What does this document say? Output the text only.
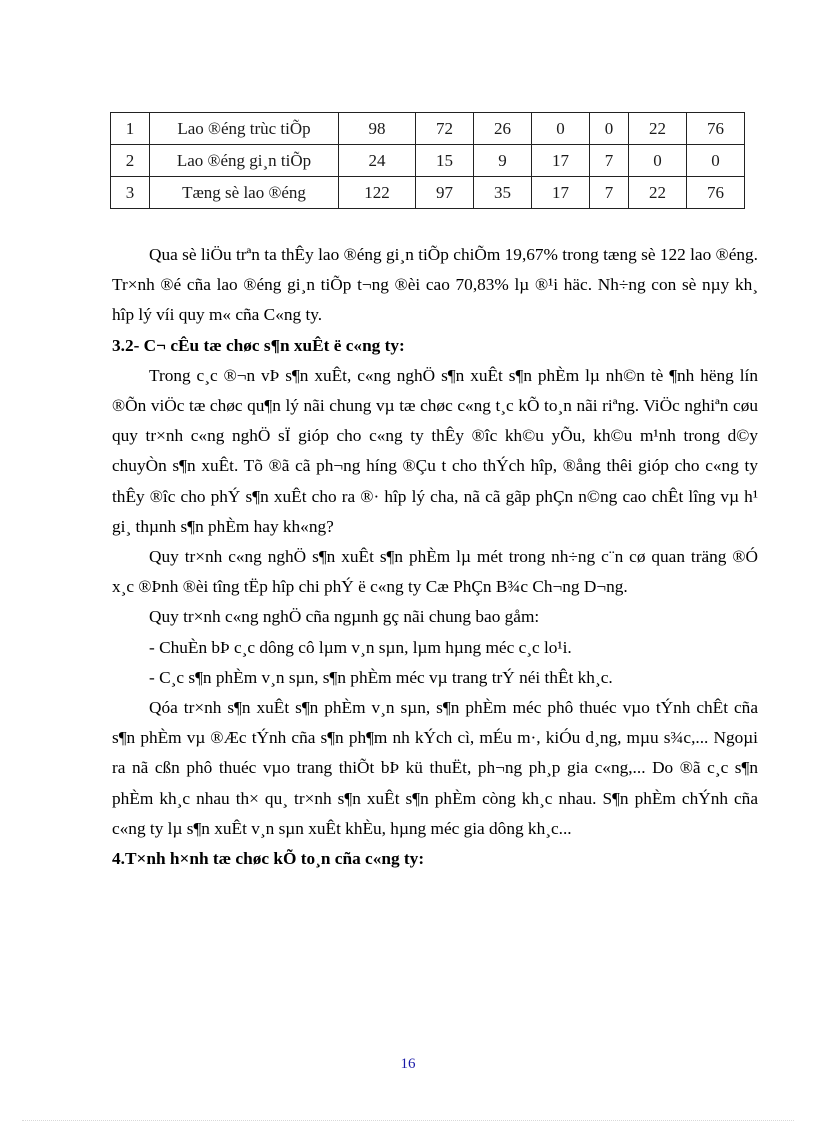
1	Lao ®éng trùc tiÕp	98	72	26	0	0	22	76
2	Lao ®éng gi¸n tiÕp	24	15	9	17	7	0	0
3	Tæng sè lao ®éng	122	97	35	17	7	22	76

Qua sè liÖu trªn ta thÊy lao ®éng gi¸n tiÕp chiÕm 19,67% trong tæng sè 122 lao ®éng. Tr×nh ®é cña lao ®éng gi¸n tiÕp t¬ng ®èi cao 70,83% lµ ®¹i häc. Nh÷ng con sè nµy kh¸ hîp lý víi quy m« cña C«ng ty.

3.2- C¬ cÊu tæ chøc s¶n xuÊt ë c«ng ty:

Trong c¸c ®¬n vÞ s¶n xuÊt, c«ng nghÖ s¶n xuÊt s¶n phÈm lµ nh©n tè ¶nh hëng lín ®Õn viÖc tæ chøc qu¶n lý nãi chung vµ tæ chøc c«ng t¸c kÕ to¸n nãi riªng. ViÖc nghiªn cøu quy tr×nh c«ng nghÖ sÏ gióp cho c«ng ty thÊy ®îc kh©u yÕu, kh©u m¹nh trong d©y chuyÒn s¶n xuÊt. Tõ ®ã cã ph¬ng híng ®Çu t cho thÝch hîp, ®ång thêi gióp cho c«ng ty thÊy ®îc cho phÝ s¶n xuÊt cho ra ®· hîp lý cha, nã cã gãp phÇn n©ng cao chÊt lîng vµ h¹ gi¸ thµnh s¶n phÈm hay kh«ng?

Quy tr×nh c«ng nghÖ s¶n xuÊt s¶n phÈm lµ mét trong nh÷ng c¨n cø quan träng ®Ó x¸c ®Þnh ®èi tîng tËp hîp chi phÝ ë c«ng ty Cæ PhÇn B¾c Ch¬ng D¬ng.

Quy tr×nh c«ng nghÖ cña ngµnh gç nãi chung bao gåm:

- ChuÈn bÞ c¸c dông cô lµm v¸n sµn, lµm hµng méc c¸c lo¹i.

- C¸c s¶n phÈm v¸n sµn, s¶n phÈm méc vµ trang trÝ néi thÊt kh¸c.

Qóa tr×nh s¶n xuÊt s¶n phÈm v¸n sµn, s¶n phÈm méc phô thuéc vµo tÝnh chÊt cña s¶n phÈm vµ ®Æc tÝnh cña s¶n ph¶m nh kÝch cì, mÉu m·, kiÓu d¸ng, mµu s¾c,... Ngoµi ra nã cßn phô thuéc vµo trang thiÕt bÞ kü thuËt, ph¬ng ph¸p gia c«ng,... Do ®ã c¸c s¶n phÈm kh¸c nhau th× qu¸ tr×nh s¶n xuÊt s¶n phÈm còng kh¸c nhau. S¶n phÈm chÝnh cña c«ng ty lµ s¶n xuÊt v¸n sµn xuÊt khÈu, hµng méc gia dông kh¸c...

4.T×nh h×nh tæ chøc kÕ to¸n cña c«ng ty:

16
